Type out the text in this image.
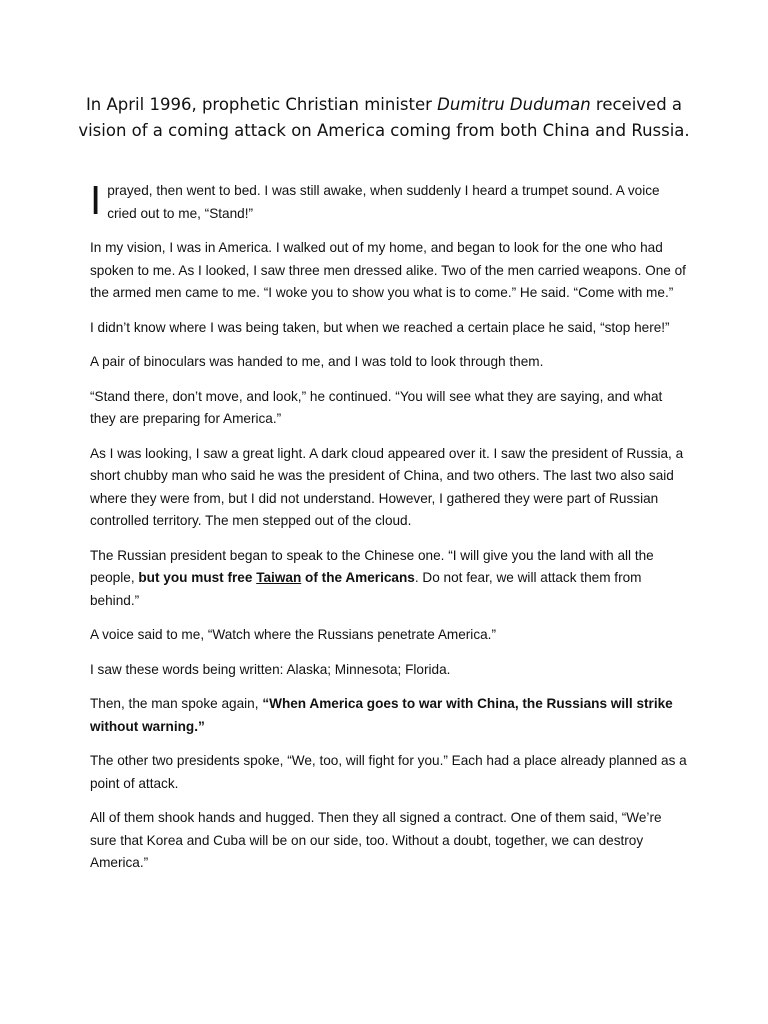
In April 1996, prophetic Christian minister Dumitru Duduman received a vision of a coming attack on America coming from both China and Russia.
I prayed, then went to bed. I was still awake, when suddenly I heard a trumpet sound. A voice cried out to me, “Stand!”

In my vision, I was in America. I walked out of my home, and began to look for the one who had spoken to me. As I looked, I saw three men dressed alike. Two of the men carried weapons. One of the armed men came to me. “I woke you to show you what is to come.” He said. “Come with me.”

I didn’t know where I was being taken, but when we reached a certain place he said, “stop here!”

A pair of binoculars was handed to me, and I was told to look through them.

“Stand there, don’t move, and look,” he continued. “You will see what they are saying, and what they are preparing for America.”

As I was looking, I saw a great light. A dark cloud appeared over it. I saw the president of Russia, a short chubby man who said he was the president of China, and two others. The last two also said where they were from, but I did not understand. However, I gathered they were part of Russian controlled territory. The men stepped out of the cloud.

The Russian president began to speak to the Chinese one. “I will give you the land with all the people, but you must free Taiwan of the Americans. Do not fear, we will attack them from behind.”

A voice said to me, “Watch where the Russians penetrate America.”

I saw these words being written: Alaska; Minnesota; Florida.

Then, the man spoke again, “When America goes to war with China, the Russians will strike without warning.”

The other two presidents spoke, “We, too, will fight for you.” Each had a place already planned as a point of attack.

All of them shook hands and hugged. Then they all signed a contract. One of them said, “We’re sure that Korea and Cuba will be on our side, too. Without a doubt, together, we can destroy America.”
